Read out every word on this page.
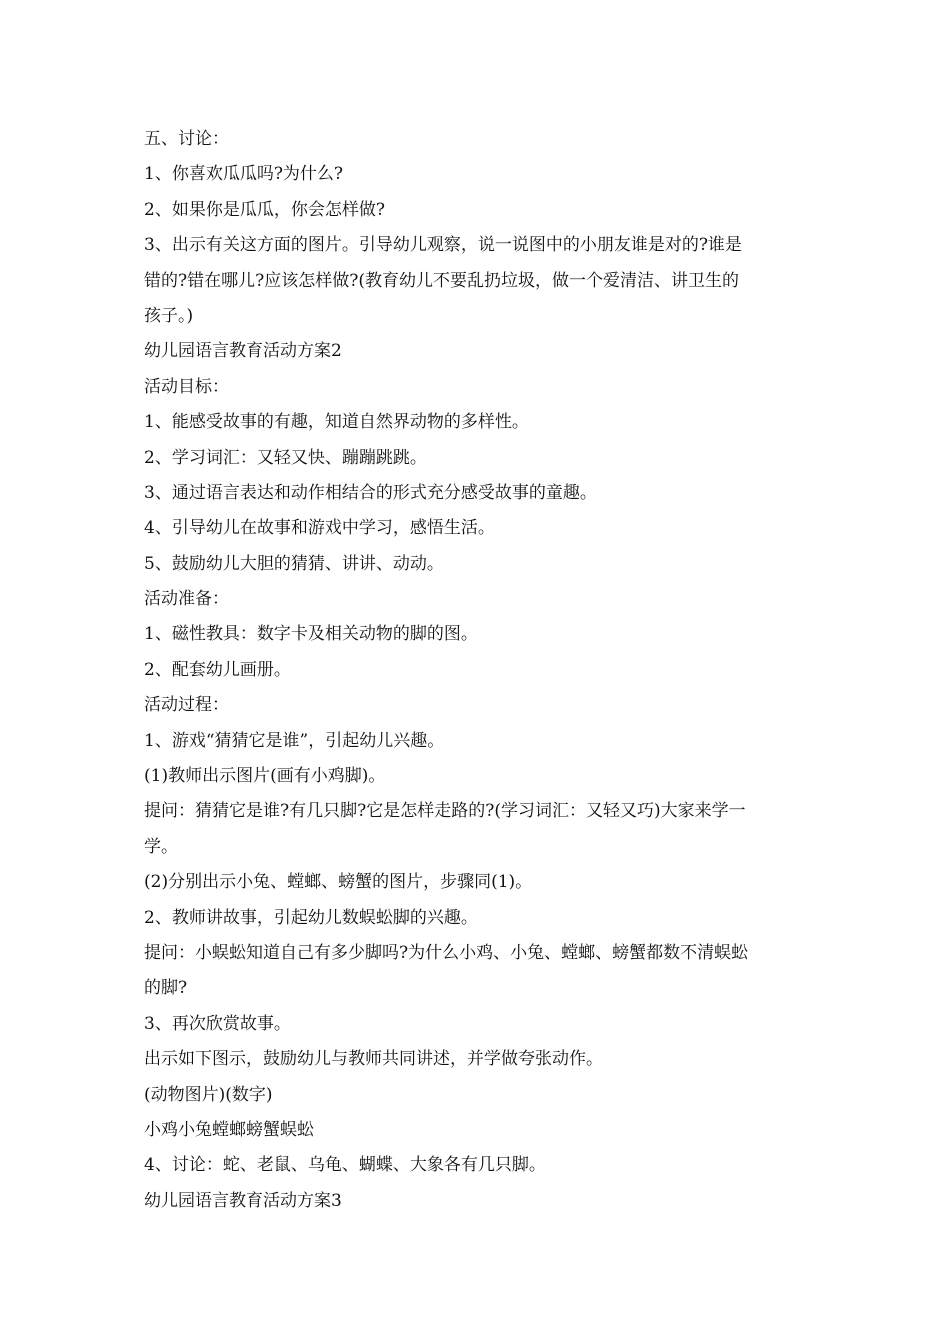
五、讨论：
1、你喜欢瓜瓜吗?为什么?
2、如果你是瓜瓜，你会怎样做?
3、出示有关这方面的图片。引导幼儿观察，说一说图中的小朋友谁是对的?谁是
错的?错在哪儿?应该怎样做?(教育幼儿不要乱扔垃圾，做一个爱清洁、讲卫生的
孩子。)
幼儿园语言教育活动方案2
活动目标：
1、能感受故事的有趣，知道自然界动物的多样性。
2、学习词汇：又轻又快、蹦蹦跳跳。
3、通过语言表达和动作相结合的形式充分感受故事的童趣。
4、引导幼儿在故事和游戏中学习，感悟生活。
5、鼓励幼儿大胆的猜猜、讲讲、动动。
活动准备：
1、磁性教具：数字卡及相关动物的脚的图。
2、配套幼儿画册。
活动过程：
1、游戏“猜猜它是谁”，引起幼儿兴趣。
(1)教师出示图片(画有小鸡脚)。
提问：猜猜它是谁?有几只脚?它是怎样走路的?(学习词汇：又轻又巧)大家来学一
学。
(2)分别出示小兔、螳螂、螃蟹的图片，步骤同(1)。
2、教师讲故事，引起幼儿数蜈蚣脚的兴趣。
提问：小蜈蚣知道自己有多少脚吗?为什么小鸡、小兔、螳螂、螃蟹都数不清蜈蚣
的脚?
3、再次欣赏故事。
出示如下图示，鼓励幼儿与教师共同讲述，并学做夸张动作。
(动物图片)(数字)
小鸡小兔螳螂螃蟹蜈蚣
4、讨论：蛇、老鼠、乌龟、蝴蝶、大象各有几只脚。
幼儿园语言教育活动方案3
